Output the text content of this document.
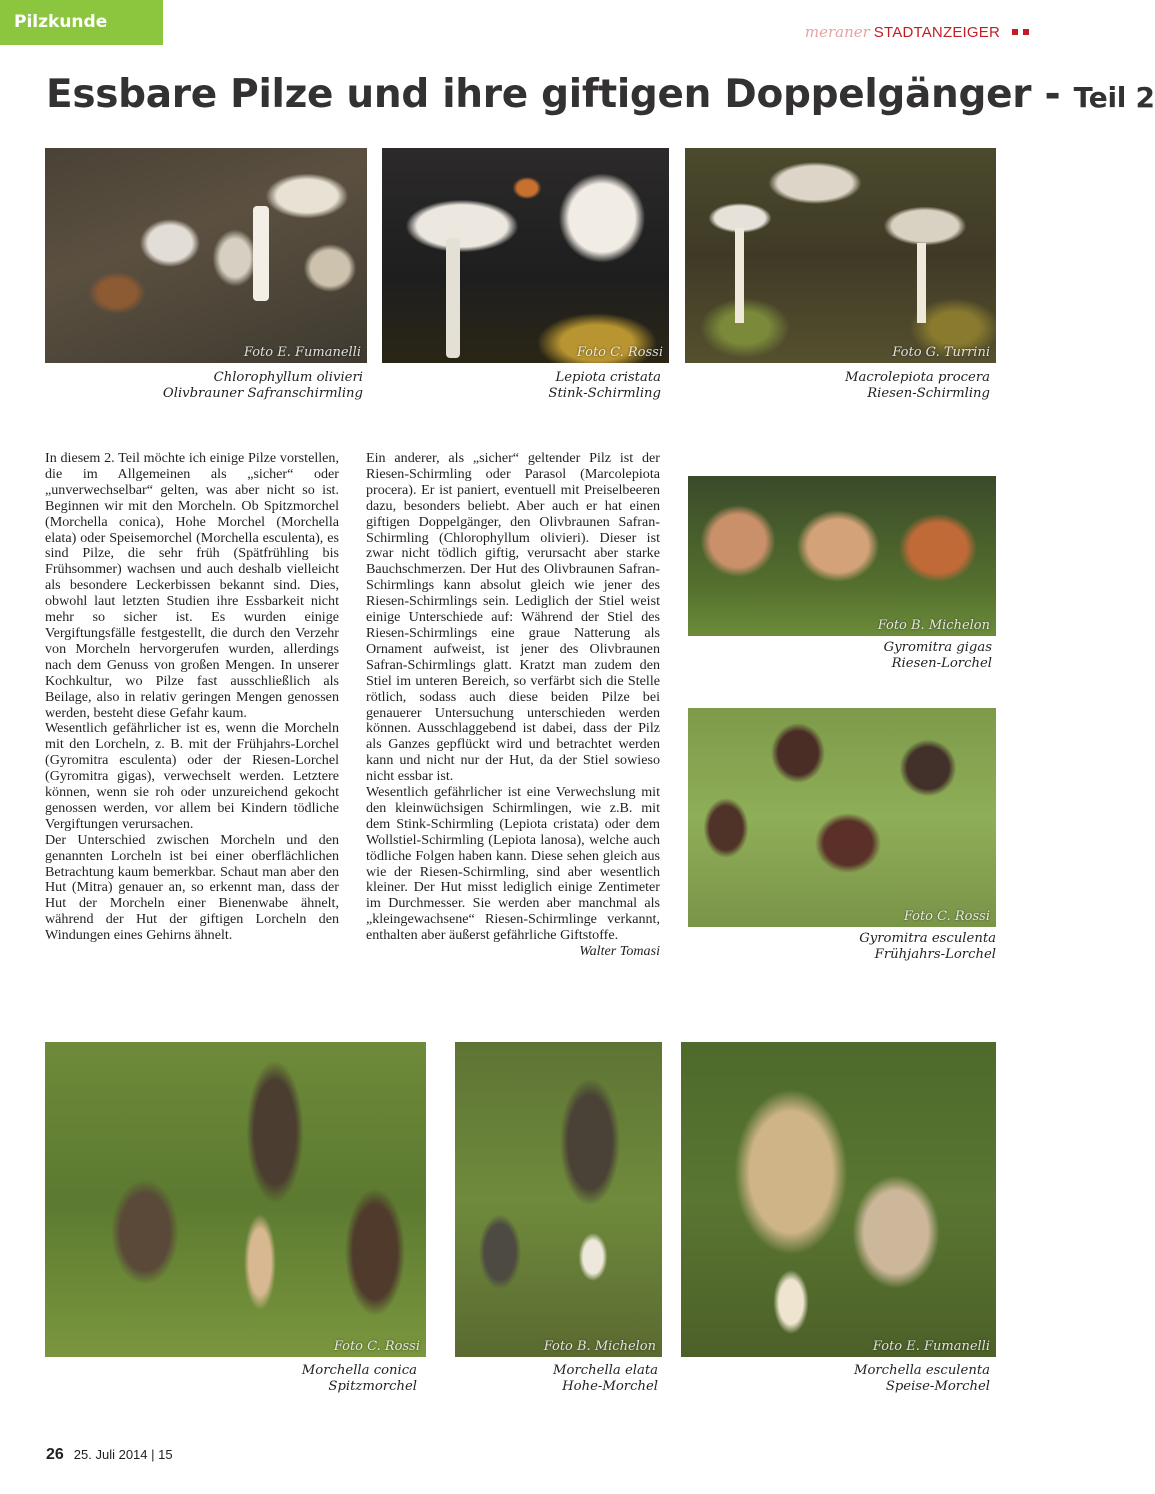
Pilzkunde	meraner STADTANZEIGER
Essbare Pilze und ihre giftigen Doppelgänger - Teil 2
Foto E. Fumanelli
Chlorophyllum olivieri
Olivbrauner Safranschirmling
Foto C. Rossi
Lepiota cristata
Stink-Schirmling
Foto G. Turrini
Macrolepiota procera
Riesen-Schirmling

In diesem 2. Teil möchte ich einige Pilze vorstellen, die im Allgemeinen als „sicher“ oder „unverwechselbar“ gelten, was aber nicht so ist. Beginnen wir mit den Morcheln. Ob Spitzmorchel (Morchella conica), Hohe Morchel (Morchella elata) oder Speisemorchel (Morchella esculenta), es sind Pilze, die sehr früh (Spätfrühling bis Frühsommer) wachsen und auch deshalb vielleicht als besondere Leckerbissen bekannt sind. Dies, obwohl laut letzten Studien ihre Essbarkeit nicht mehr so sicher ist. Es wurden einige Vergiftungsfälle festgestellt, die durch den Verzehr von Morcheln hervorgerufen wurden, allerdings nach dem Genuss von großen Mengen. In unserer Kochkultur, wo Pilze fast ausschließlich als Beilage, also in relativ geringen Mengen genossen werden, besteht diese Gefahr kaum.

Wesentlich gefährlicher ist es, wenn die Morcheln mit den Lorcheln, z. B. mit der Frühjahrs-Lorchel (Gyromitra esculenta) oder der Riesen-Lorchel (Gyromitra gigas), verwechselt werden. Letztere können, wenn sie roh oder unzureichend gekocht genossen werden, vor allem bei Kindern tödliche Vergiftungen verursachen.

Der Unterschied zwischen Morcheln und den genannten Lorcheln ist bei einer oberflächlichen Betrachtung kaum bemerkbar. Schaut man aber den Hut (Mitra) genauer an, so erkennt man, dass der Hut der Morcheln einer Bienenwabe ähnelt, während der Hut der giftigen Lorcheln den Windungen eines Gehirns ähnelt.

Ein anderer, als „sicher“ geltender Pilz ist der Riesen-Schirmling oder Parasol (Marcolepiota procera). Er ist paniert, eventuell mit Preiselbeeren dazu, besonders beliebt. Aber auch er hat einen giftigen Doppelgänger, den Olivbraunen Safran-Schirmling (Chlorophyllum olivieri). Dieser ist zwar nicht tödlich giftig, verursacht aber starke Bauchschmerzen. Der Hut des Olivbraunen Safran-Schirmlings kann absolut gleich wie jener des Riesen-Schirmlings sein. Lediglich der Stiel weist einige Unterschiede auf: Während der Stiel des Riesen-Schirmlings eine graue Natterung als Ornament aufweist, ist jener des Olivbraunen Safran-Schirmlings glatt. Kratzt man zudem den Stiel im unteren Bereich, so verfärbt sich die Stelle rötlich, sodass auch diese beiden Pilze bei genauerer Untersuchung unterschieden werden können. Ausschlaggebend ist dabei, dass der Pilz als Ganzes gepflückt wird und betrachtet werden kann und nicht nur der Hut, da der Stiel sowieso nicht essbar ist.

Wesentlich gefährlicher ist eine Verwechslung mit den kleinwüchsigen Schirmlingen, wie z.B. mit dem Stink-Schirmling (Lepiota cristata) oder dem Wollstiel-Schirmling (Lepiota lanosa), welche auch tödliche Folgen haben kann. Diese sehen gleich aus wie der Riesen-Schirmling, sind aber wesentlich kleiner. Der Hut misst lediglich einige Zentimeter im Durchmesser. Sie werden aber manchmal als „kleingewachsene“ Riesen-Schirmlinge verkannt, enthalten aber äußerst gefährliche Giftstoffe.

Walter Tomasi

Foto B. Michelon
Gyromitra gigas
Riesen-Lorchel
Foto C. Rossi
Gyromitra esculenta
Frühjahrs-Lorchel
Foto C. Rossi
Morchella conica
Spitzmorchel
Foto B. Michelon
Morchella elata
Hohe-Morchel
Foto E. Fumanelli
Morchella esculenta
Speise-Morchel
26 25. Juli 2014 | 15
